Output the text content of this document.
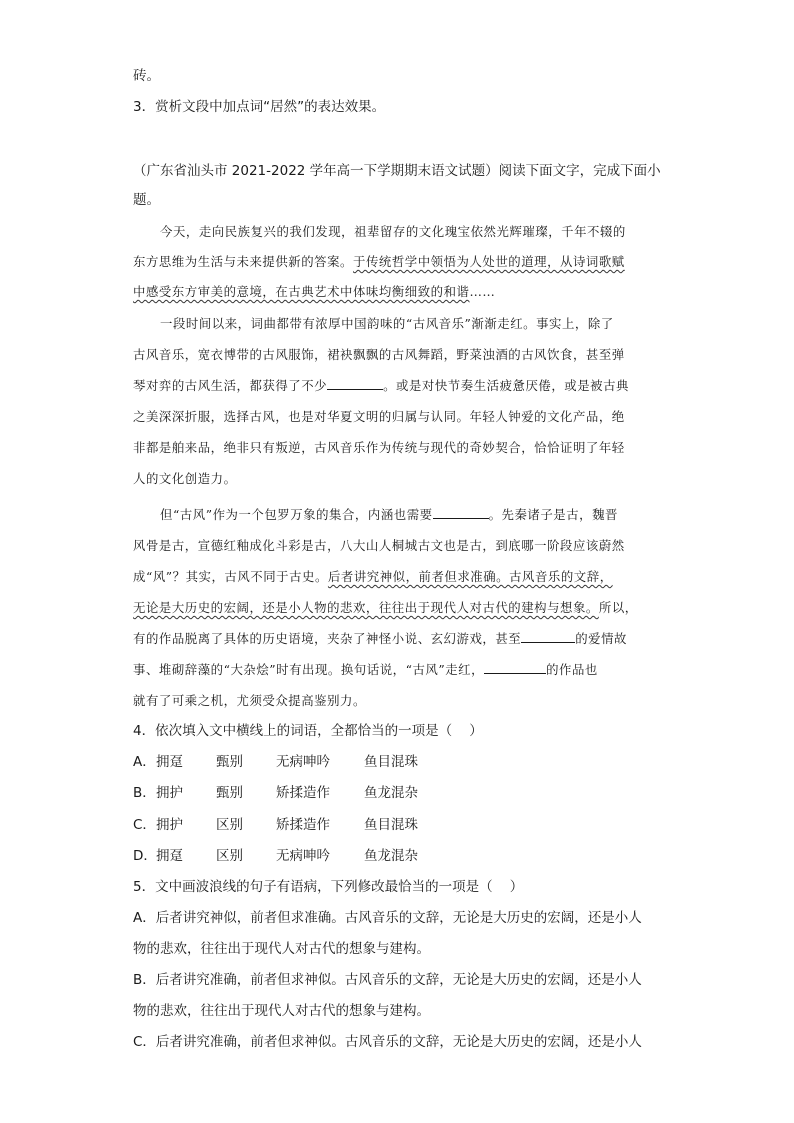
砖。
3．赏析文段中加点词“居然”的表达效果。
（广东省汕头市 2021-2022 学年高一下学期期末语文试题）阅读下面文字，完成下面小
题。
今天，走向民族复兴的我们发现，祖辈留存的文化瑰宝依然光辉璀璨，千年不辍的
东方思维为生活与未来提供新的答案。于传统哲学中领悟为人处世的道理，从诗词歌赋
中感受东方审美的意境，在古典艺术中体味均衡细致的和谐……
一段时间以来，词曲都带有浓厚中国韵味的“古风音乐”渐渐走红。事实上，除了
古风音乐，宽衣博带的古风服饰，裙袂飘飘的古风舞蹈，野菜浊酒的古风饮食，甚至弹
琴对弈的古风生活，都获得了不少	。或是对快节奏生活疲惫厌倦，或是被古典
之美深深折服，选择古风，也是对华夏文明的归属与认同。年轻人钟爱的文化产品，绝
非都是舶来品，绝非只有叛逆，古风音乐作为传统与现代的奇妙契合，恰恰证明了年轻
人的文化创造力。
但“古风”作为一个包罗万象的集合，内涵也需要	。先秦诸子是古，魏晋
风骨是古，宣德红釉成化斗彩是古，八大山人桐城古文也是古，到底哪一阶段应该蔚然
成“风”？其实，古风不同于古史。后者讲究神似，前者但求准确。古风音乐的文辞，
无论是大历史的宏阔，还是小人物的悲欢，往往出于现代人对古代的建构与想象。所以，
有的作品脱离了具体的历史语境，夹杂了神怪小说、玄幻游戏，甚至	的爱情故
事、堆砌辞藻的“大杂烩”时有出现。换句话说，“古风”走红，	的作品也
就有了可乘之机，尤须受众提高鉴别力。
4．依次填入文中横线上的词语，全都恰当的一项是（    ）
A． 拥趸 甄别 无病呻吟	鱼目混珠
B． 拥护 甄别 矫揉造作	鱼龙混杂
C． 拥护 区别 矫揉造作	鱼目混珠
D． 拥趸 区别 无病呻吟	鱼龙混杂
5．文中画波浪线的句子有语病，下列修改最恰当的一项是（    ）
A．后者讲究神似，前者但求准确。古风音乐的文辞，无论是大历史的宏阔，还是小人
物的悲欢，往往出于现代人对古代的想象与建构。
B．后者讲究准确，前者但求神似。古风音乐的文辞，无论是大历史的宏阔，还是小人
物的悲欢，往往出于现代人对古代的想象与建构。
C．后者讲究准确，前者但求神似。古风音乐的文辞，无论是大历史的宏阔，还是小人
